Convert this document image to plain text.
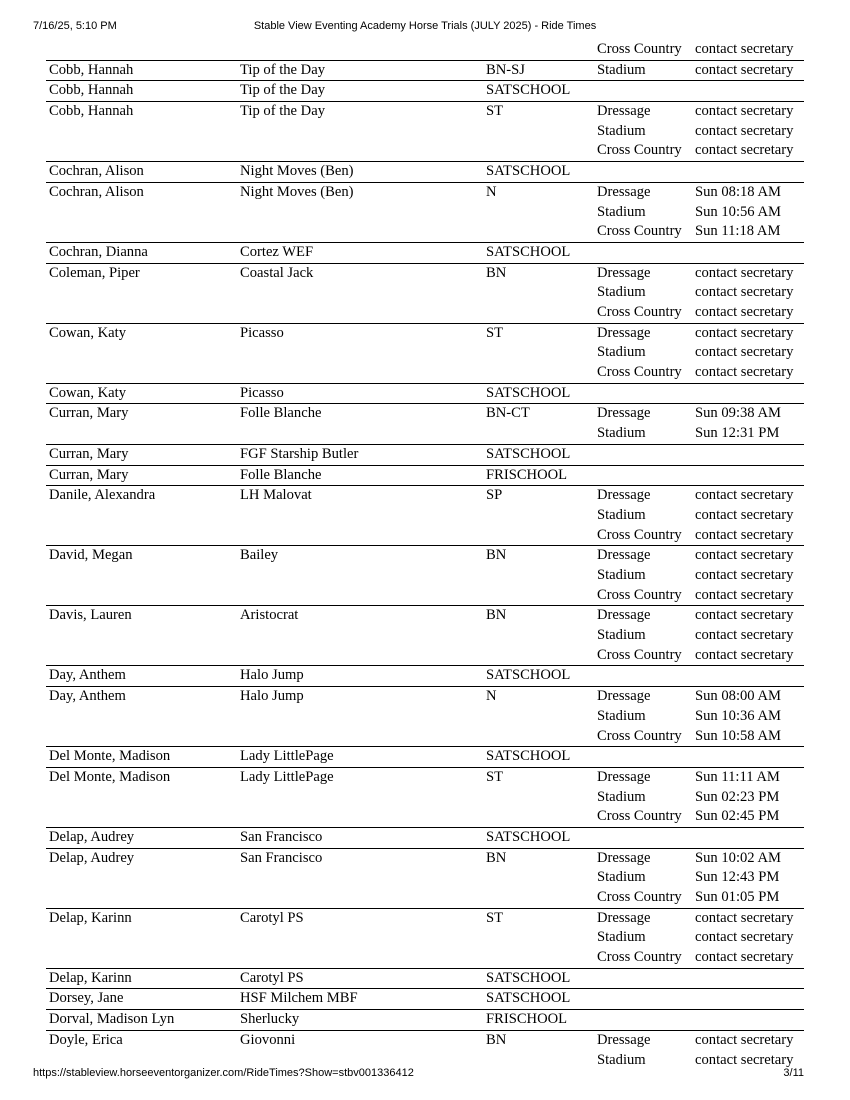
7/16/25, 5:10 PM	Stable View Eventing Academy Horse Trials (JULY 2025) - Ride Times
Cross Country contact secretary
Cobb, Hannah	Tip of the Day	BN-SJ	Stadium	contact secretary
Cobb, Hannah	Tip of the Day	SATSCHOOL
Cobb, Hannah	Tip of the Day	ST	Dressage	contact secretary
Stadium	contact secretary
Cross Country contact secretary
Cochran, Alison	Night Moves (Ben)	SATSCHOOL
Cochran, Alison	Night Moves (Ben)	N	Dressage	Sun 08:18 AM
Stadium	Sun 10:56 AM
Cross Country Sun 11:18 AM
Cochran, Dianna	Cortez WEF	SATSCHOOL
Coleman, Piper	Coastal Jack	BN	Dressage	contact secretary
Stadium	contact secretary
Cross Country contact secretary
Cowan, Katy	Picasso	ST	Dressage	contact secretary
Stadium	contact secretary
Cross Country contact secretary
Cowan, Katy	Picasso	SATSCHOOL
Curran, Mary	Folle Blanche	BN-CT	Dressage	Sun 09:38 AM
Stadium	Sun 12:31 PM
Curran, Mary	FGF Starship Butler	SATSCHOOL
Curran, Mary	Folle Blanche	FRISCHOOL
Danile, Alexandra	LH Malovat	SP	Dressage	contact secretary
Stadium	contact secretary
Cross Country contact secretary
David, Megan	Bailey	BN	Dressage	contact secretary
Stadium	contact secretary
Cross Country contact secretary
Davis, Lauren	Aristocrat	BN	Dressage	contact secretary
Stadium	contact secretary
Cross Country contact secretary
Day, Anthem	Halo Jump	SATSCHOOL
Day, Anthem	Halo Jump	N	Dressage	Sun 08:00 AM
Stadium	Sun 10:36 AM
Cross Country Sun 10:58 AM
Del Monte, Madison	Lady LittlePage	SATSCHOOL
Del Monte, Madison	Lady LittlePage	ST	Dressage	Sun 11:11 AM
Stadium	Sun 02:23 PM
Cross Country Sun 02:45 PM
Delap, Audrey	San Francisco	SATSCHOOL
Delap, Audrey	San Francisco	BN	Dressage	Sun 10:02 AM
Stadium	Sun 12:43 PM
Cross Country Sun 01:05 PM
Delap, Karinn	Carotyl PS	ST	Dressage	contact secretary
Stadium	contact secretary
Cross Country contact secretary
Delap, Karinn	Carotyl PS	SATSCHOOL
Dorsey, Jane	HSF Milchem MBF	SATSCHOOL
Dorval, Madison Lyn	Sherlucky	FRISCHOOL
Doyle, Erica	Giovonni	BN	Dressage	contact secretary
Stadium	contact secretary
https://stableview.horseeventorganizer.com/RideTimes?Show=stbv001336412	3/11
